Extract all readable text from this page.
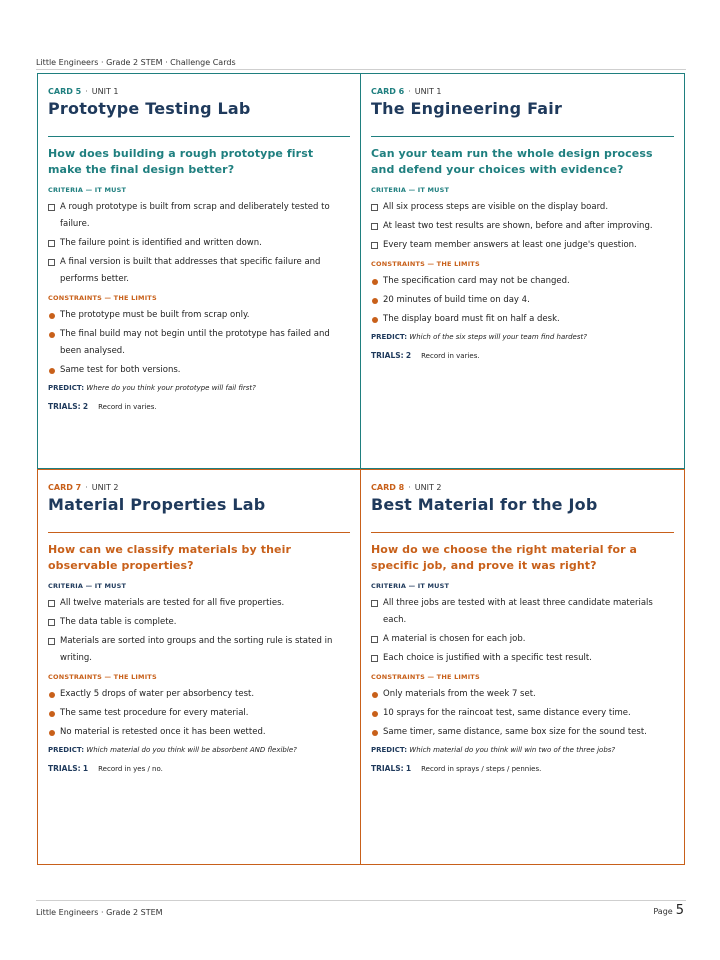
Little Engineers · Grade 2 STEM · Challenge Cards
CARD 5 · UNIT 1
Prototype Testing Lab
How does building a rough prototype first make the final design better?
CRITERIA — IT MUST
A rough prototype is built from scrap and deliberately tested to failure.
The failure point is identified and written down.
A final version is built that addresses that specific failure and performs better.
CONSTRAINTS — THE LIMITS
The prototype must be built from scrap only.
The final build may not begin until the prototype has failed and been analysed.
Same test for both versions.
PREDICT: Where do you think your prototype will fail first?
TRIALS: 2 Record in varies.
CARD 6 · UNIT 1
The Engineering Fair
Can your team run the whole design process and defend your choices with evidence?
CRITERIA — IT MUST
All six process steps are visible on the display board.
At least two test results are shown, before and after improving.
Every team member answers at least one judge's question.
CONSTRAINTS — THE LIMITS
The specification card may not be changed.
20 minutes of build time on day 4.
The display board must fit on half a desk.
PREDICT: Which of the six steps will your team find hardest?
TRIALS: 2 Record in varies.
CARD 7 · UNIT 2
Material Properties Lab
How can we classify materials by their observable properties?
CRITERIA — IT MUST
All twelve materials are tested for all five properties.
The data table is complete.
Materials are sorted into groups and the sorting rule is stated in writing.
CONSTRAINTS — THE LIMITS
Exactly 5 drops of water per absorbency test.
The same test procedure for every material.
No material is retested once it has been wetted.
PREDICT: Which material do you think will be absorbent AND flexible?
TRIALS: 1 Record in yes / no.
CARD 8 · UNIT 2
Best Material for the Job
How do we choose the right material for a specific job, and prove it was right?
CRITERIA — IT MUST
All three jobs are tested with at least three candidate materials each.
A material is chosen for each job.
Each choice is justified with a specific test result.
CONSTRAINTS — THE LIMITS
Only materials from the week 7 set.
10 sprays for the raincoat test, same distance every time.
Same timer, same distance, same box size for the sound test.
PREDICT: Which material do you think will win two of the three jobs?
TRIALS: 1 Record in sprays / steps / pennies.
Little Engineers · Grade 2 STEM	Page 5
